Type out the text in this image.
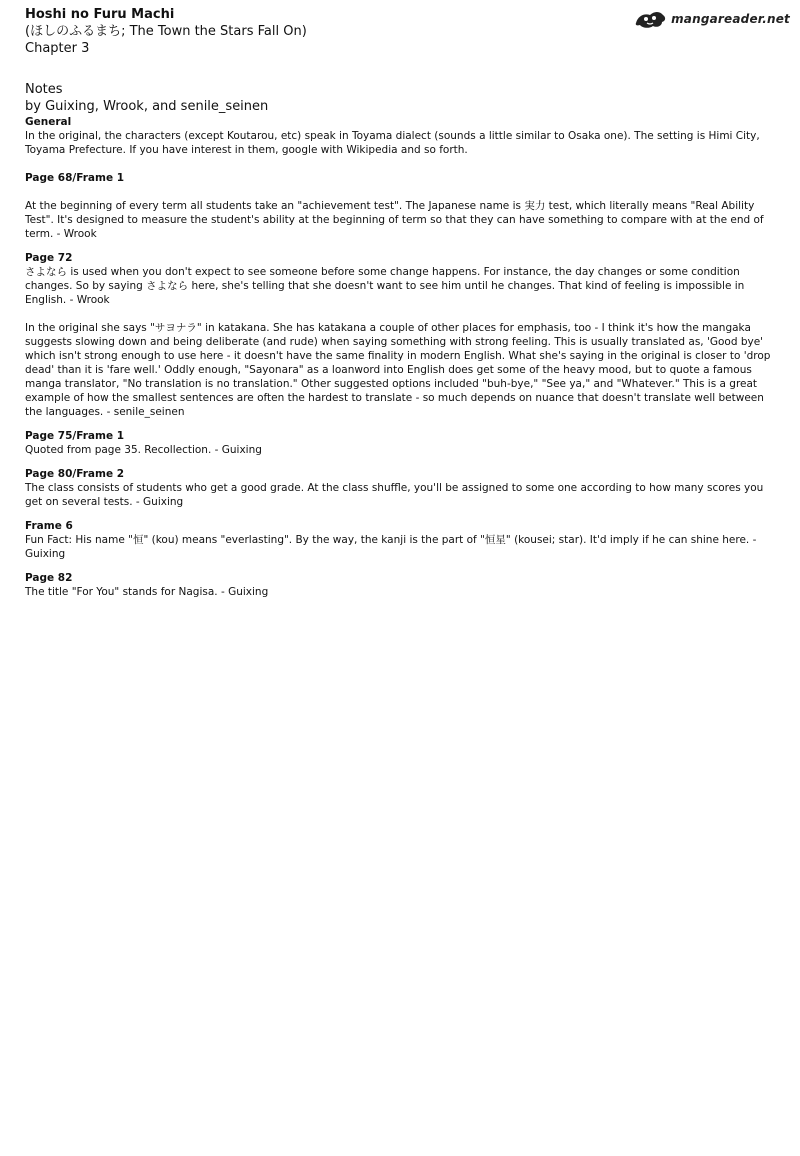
mangareader.net

Hoshi no Furu Machi

(ほしのふるまち; The Town the Stars Fall On)

Chapter 3

Notes

by Guixing, Wrook, and senile_seinen

General

In the original, the characters (except Koutarou, etc) speak in Toyama dialect (sounds a little similar to Osaka one). The setting is Himi City, Toyama Prefecture. If you have interest in them, google with Wikipedia and so forth.

Page 68/Frame 1

At the beginning of every term all students take an "achievement test". The Japanese name is 実力 test, which literally means "Real Ability Test". It's designed to measure the student's ability at the beginning of term so that they can have something to compare with at the end of term. - Wrook

Page 72

さよなら is used when you don't expect to see someone before some change happens. For instance, the day changes or some condition changes. So by saying さよなら here, she's telling that she doesn't want to see him until he changes. That kind of feeling is impossible in English. - Wrook

In the original she says "サヨナラ" in katakana. She has katakana a couple of other places for emphasis, too - I think it's how the mangaka suggests slowing down and being deliberate (and rude) when saying something with strong feeling. This is usually translated as, 'Good bye' which isn't strong enough to use here - it doesn't have the same finality in modern English. What she's saying in the original is closer to 'drop dead' than it is 'fare well.' Oddly enough, "Sayonara" as a loanword into English does get some of the heavy mood, but to quote a famous manga translator, "No translation is no translation." Other suggested options included "buh-bye," "See ya," and "Whatever." This is a great example of how the smallest sentences are often the hardest to translate - so much depends on nuance that doesn't translate well between the languages. - senile_seinen

Page 75/Frame 1

Quoted from page 35. Recollection. - Guixing

Page 80/Frame 2

The class consists of students who get a good grade. At the class shuffle, you'll be assigned to some one according to how many scores you get on several tests. - Guixing

Frame 6

Fun Fact: His name "恒" (kou) means "everlasting". By the way, the kanji is the part of "恒星" (kousei; star). It'd imply if he can shine here. - Guixing

Page 82

The title "For You" stands for Nagisa. - Guixing
